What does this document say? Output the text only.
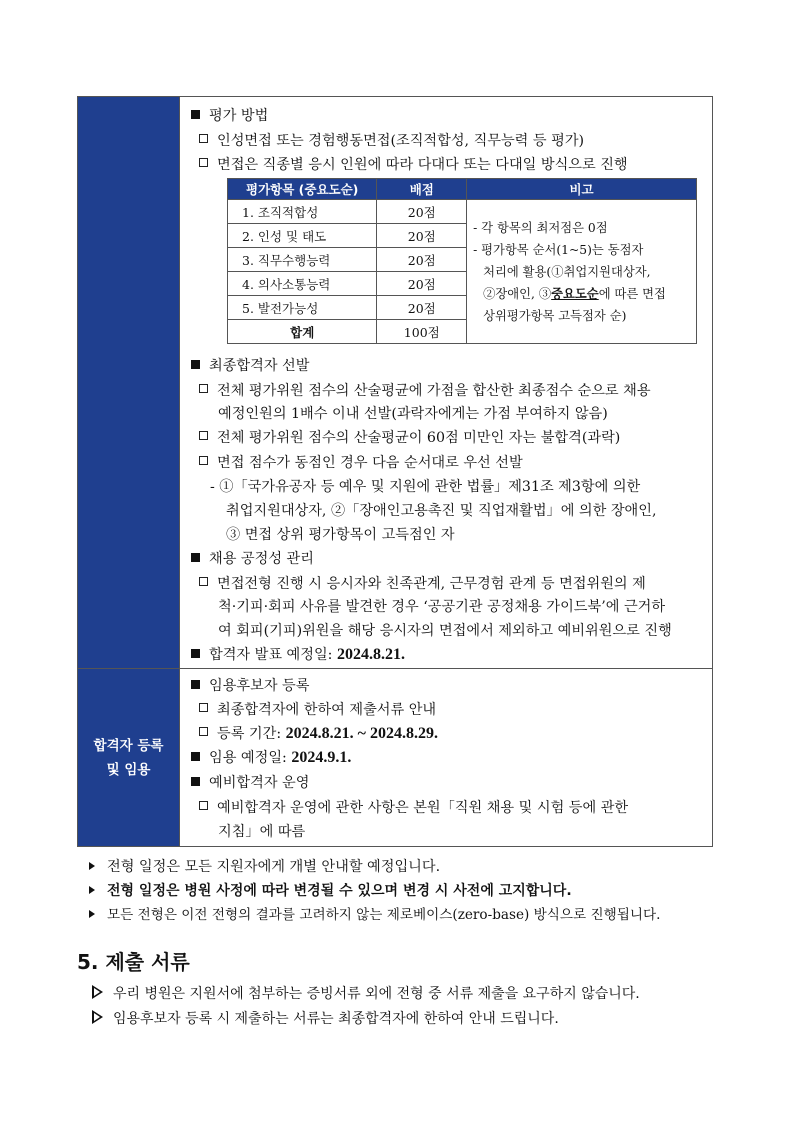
합격자 등록
및 임용
평가 방법
인성면접 또는 경험행동면접(조직적합성, 직무능력 등 평가)
면접은 직종별 응시 인원에 따라 다대다 또는 다대일 방식으로 진행
평가항목 (중요도순)	배점	비고
1. 조직적합성	20점	- 각 항목의 최저점은 0점
- 평가항목 순서(1~5)는 동점자
처리에 활용(①취업지원대상자,
②장애인, ③중요도순에 따른 면접
상위평가항목 고득점자 순)

2. 인성 및 태도	20점	
3. 직무수행능력	20점	
4. 의사소통능력	20점	
5. 발전가능성	20점	
합계	100점	
최종합격자 선발
전체 평가위원 점수의 산술평균에 가점을 합산한 최종점수 순으로 채용
예정인원의 1배수 이내 선발(과락자에게는 가점 부여하지 않음)
전체 평가위원 점수의 산술평균이 60점 미만인 자는 불합격(과락)
면접 점수가 동점인 경우 다음 순서대로 우선 선발
- ①「국가유공자 등 예우 및 지원에 관한 법률」제31조 제3항에 의한
취업지원대상자, ②「장애인고용촉진 및 직업재활법」에 의한 장애인,
③ 면접 상위 평가항목이 고득점인 자
채용 공정성 관리
면접전형 진행 시 응시자와 친족관계, 근무경험 관계 등 면접위원의 제
척·기피·회피 사유를 발견한 경우 ‘공공기관 공정채용 가이드북’에 근거하
여 회피(기피)위원을 해당 응시자의 면접에서 제외하고 예비위원으로 진행
합격자 발표 예정일: 2024.8.21.
임용후보자 등록
최종합격자에 한하여 제출서류 안내
등록 기간: 2024.8.21. ~ 2024.8.29.
임용 예정일: 2024.9.1.
예비합격자 운영
예비합격자 운영에 관한 사항은 본원「직원 채용 및 시험 등에 관한
지침」에 따름
전형 일정은 모든 지원자에게 개별 안내할 예정입니다.
전형 일정은 병원 사정에 따라 변경될 수 있으며 변경 시 사전에 고지합니다.
모든 전형은 이전 전형의 결과를 고려하지 않는 제로베이스(zero-base) 방식으로 진행됩니다.
5. 제출 서류
우리 병원은 지원서에 첨부하는 증빙서류 외에 전형 중 서류 제출을 요구하지 않습니다.
임용후보자 등록 시 제출하는 서류는 최종합격자에 한하여 안내 드립니다.
